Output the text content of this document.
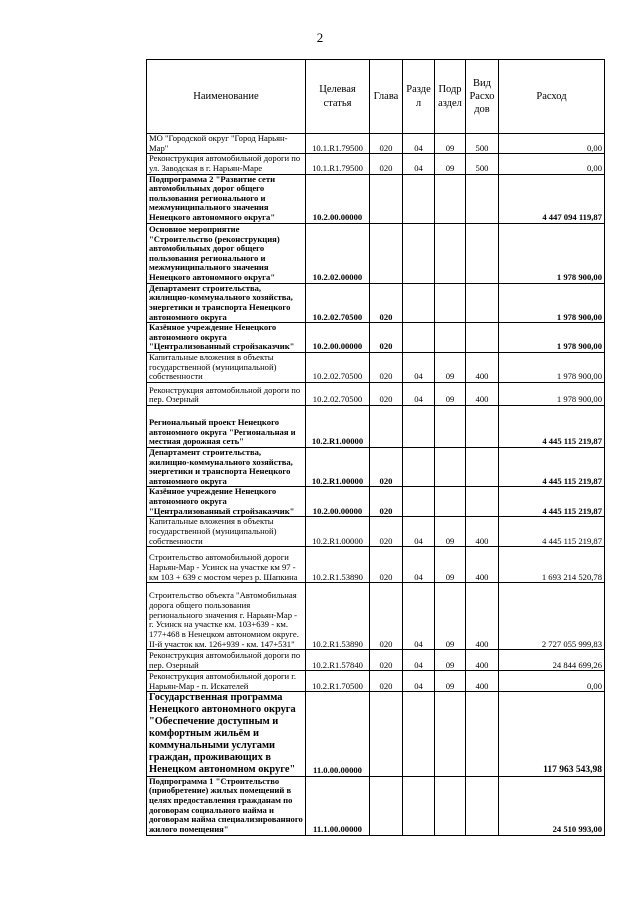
2
Наименование	Целевая статья	Глава	Разде л	Подр аздел	Вид Расхо дов	Расход
МО "Городской округ "Город Нарьян-Мар"	10.1.R1.79500	020	04	09	500	0,00
Реконструкция автомобильной дороги по ул. Заводская в г. Нарьян-Маре	10.1.R1.79500	020	04	09	500	0,00
Подпрограмма 2 "Развитие сети автомобильных дорог общего пользования регионального и межмуниципального значения Ненецкого автономного округа"	10.2.00.00000					4 447 094 119,87
Основное мероприятие "Строительство (реконструкция) автомобильных дорог общего пользования регионального и межмуниципального значения Ненецкого автономного округа"	10.2.02.00000					1 978 900,00
Департамент строительства, жилищно-коммунального хозяйства, энергетики и транспорта Ненецкого автономного округа	10.2.02.70500	020				1 978 900,00
Казённое учреждение Ненецкого автономного округа "Централизованный стройзаказчик"	10.2.00.00000	020				1 978 900,00
Капитальные вложения в объекты государственной (муниципальной) собственности	10.2.02.70500	020	04	09	400	1 978 900,00
Реконструкция автомобильной дороги по пер. Озерный	10.2.02.70500	020	04	09	400	1 978 900,00
Региональный проект Ненецкого автономного округа "Региональная и местная дорожная сеть"	10.2.R1.00000					4 445 115 219,87
Департамент строительства, жилищно-коммунального хозяйства, энергетики и транспорта Ненецкого автономного округа	10.2.R1.00000	020				4 445 115 219,87
Казённое учреждение Ненецкого автономного округа "Централизованный стройзаказчик"	10.2.00.00000	020				4 445 115 219,87
Капитальные вложения в объекты государственной (муниципальной) собственности	10.2.R1.00000	020	04	09	400	4 445 115 219,87
Строительство автомобильной дороги Нарьян-Мар - Усинск на участке км 97 - км 103 + 639 с мостом через р. Шапкина	10.2.R1.53890	020	04	09	400	1 693 214 520,78
Строительство объекта "Автомобильная дорога общего пользования регионального значения г. Нарьян-Мар - г. Усинск на участке км. 103+639 - км. 177+468 в Ненецком автономном округе. II-й участок км. 126+939 - км. 147+531"	10.2.R1.53890	020	04	09	400	2 727 055 999,83
Реконструкция автомобильной дороги по пер. Озерный	10.2.R1.57840	020	04	09	400	24 844 699,26
Реконструкция автомобильной дороги г. Нарьян-Мар - п. Искателей	10.2.R1.70500	020	04	09	400	0,00
Государственная программа Ненецкого автономного округа "Обеспечение доступным и комфортным жильём и коммунальными услугами граждан, проживающих в Ненецком автономном округе"	11.0.00.00000					117 963 543,98
Подпрограмма 1 "Строительство (приобретение) жилых помещений в целях предоставления гражданам по договорам социального найма и договорам найма специализированного жилого помещения"	11.1.00.00000					24 510 993,00
